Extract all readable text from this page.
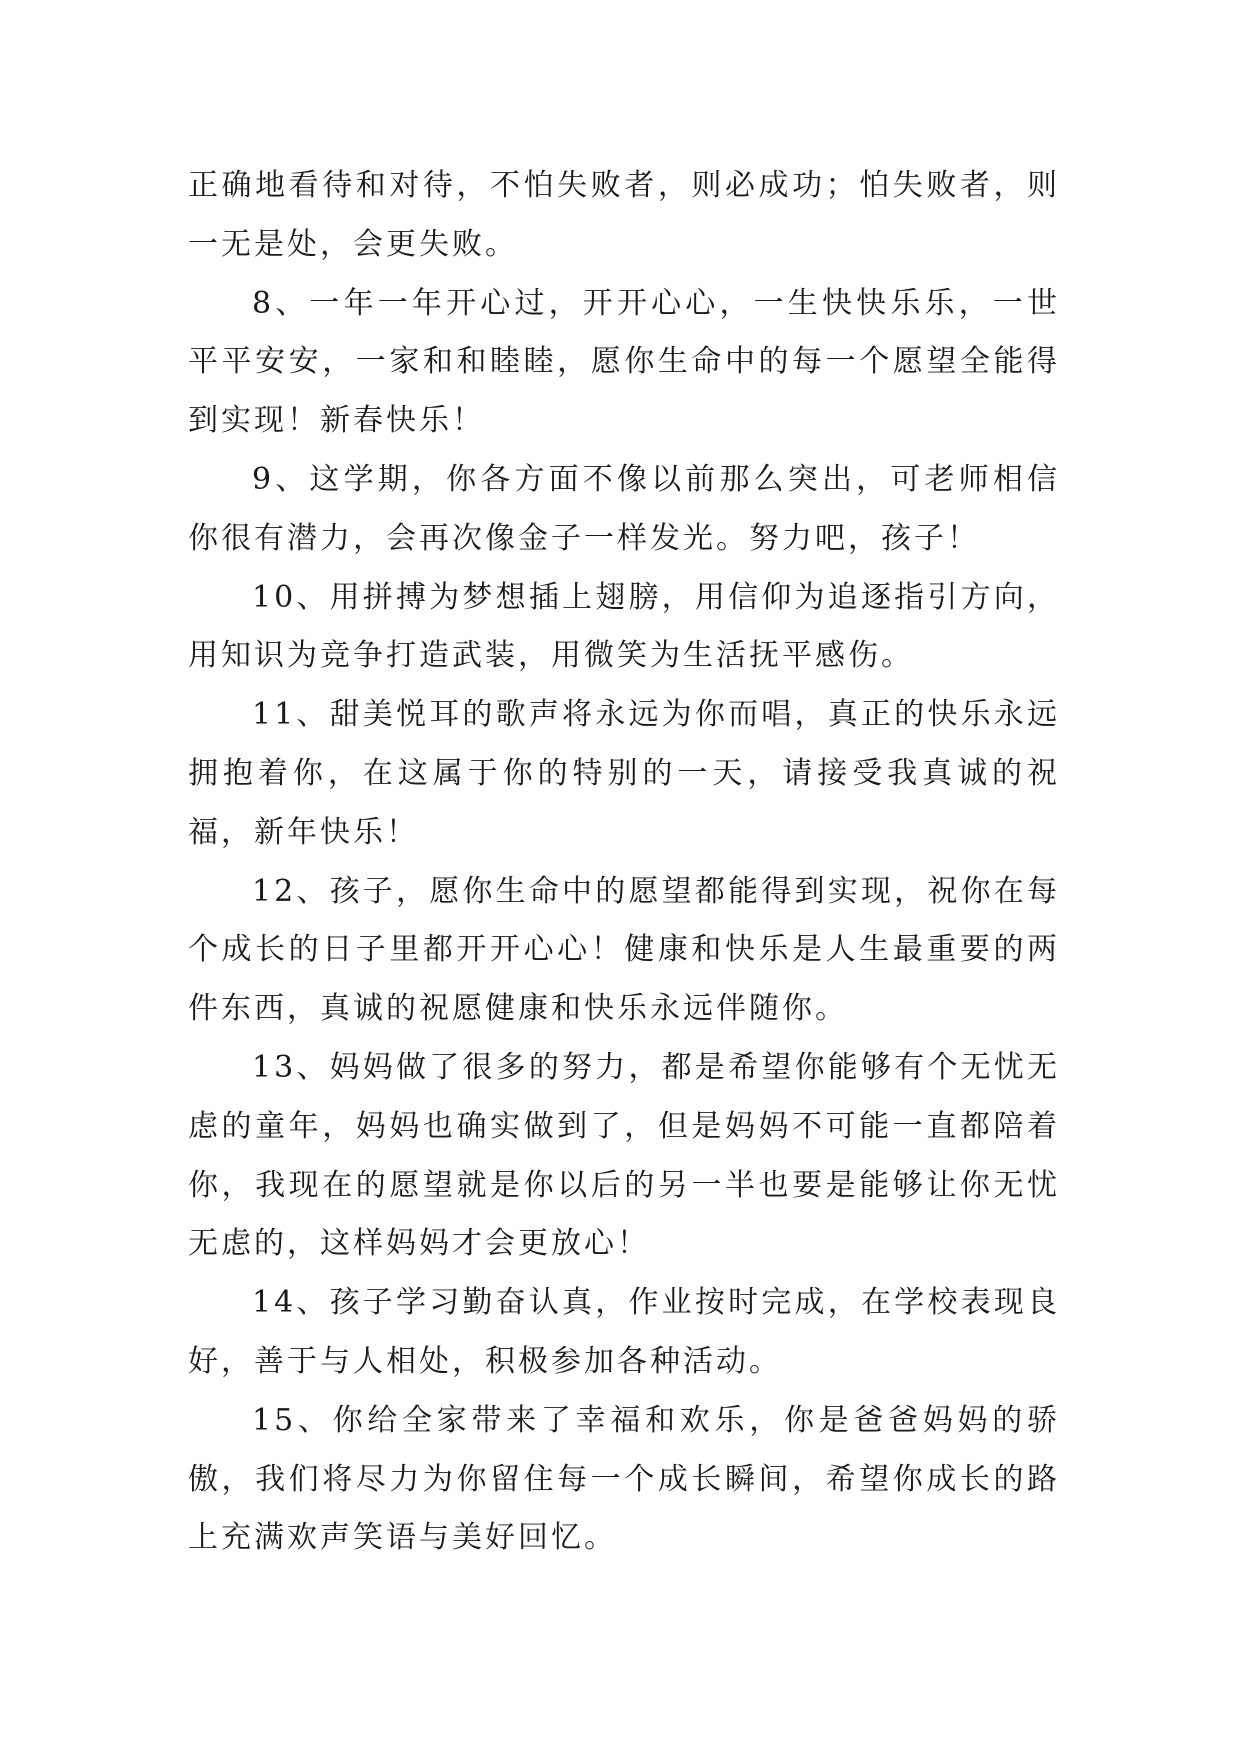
正确地看待和对待，不怕失败者，则必成功；怕失败者，则一无是处，会更失败。

8、一年一年开心过，开开心心，一生快快乐乐，一世平平安安，一家和和睦睦，愿你生命中的每一个愿望全能得到实现！新春快乐！

9、这学期，你各方面不像以前那么突出，可老师相信你很有潜力，会再次像金子一样发光。努力吧，孩子！

10、用拼搏为梦想插上翅膀，用信仰为追逐指引方向，用知识为竞争打造武装，用微笑为生活抚平感伤。

11、甜美悦耳的歌声将永远为你而唱，真正的快乐永远拥抱着你，在这属于你的特别的一天，请接受我真诚的祝福，新年快乐！

12、孩子，愿你生命中的愿望都能得到实现，祝你在每个成长的日子里都开开心心！健康和快乐是人生最重要的两件东西，真诚的祝愿健康和快乐永远伴随你。

13、妈妈做了很多的努力，都是希望你能够有个无忧无虑的童年，妈妈也确实做到了，但是妈妈不可能一直都陪着你，我现在的愿望就是你以后的另一半也要是能够让你无忧无虑的，这样妈妈才会更放心！

14、孩子学习勤奋认真，作业按时完成，在学校表现良好，善于与人相处，积极参加各种活动。

15、你给全家带来了幸福和欢乐，你是爸爸妈妈的骄傲，我们将尽力为你留住每一个成长瞬间，希望你成长的路上充满欢声笑语与美好回忆。
